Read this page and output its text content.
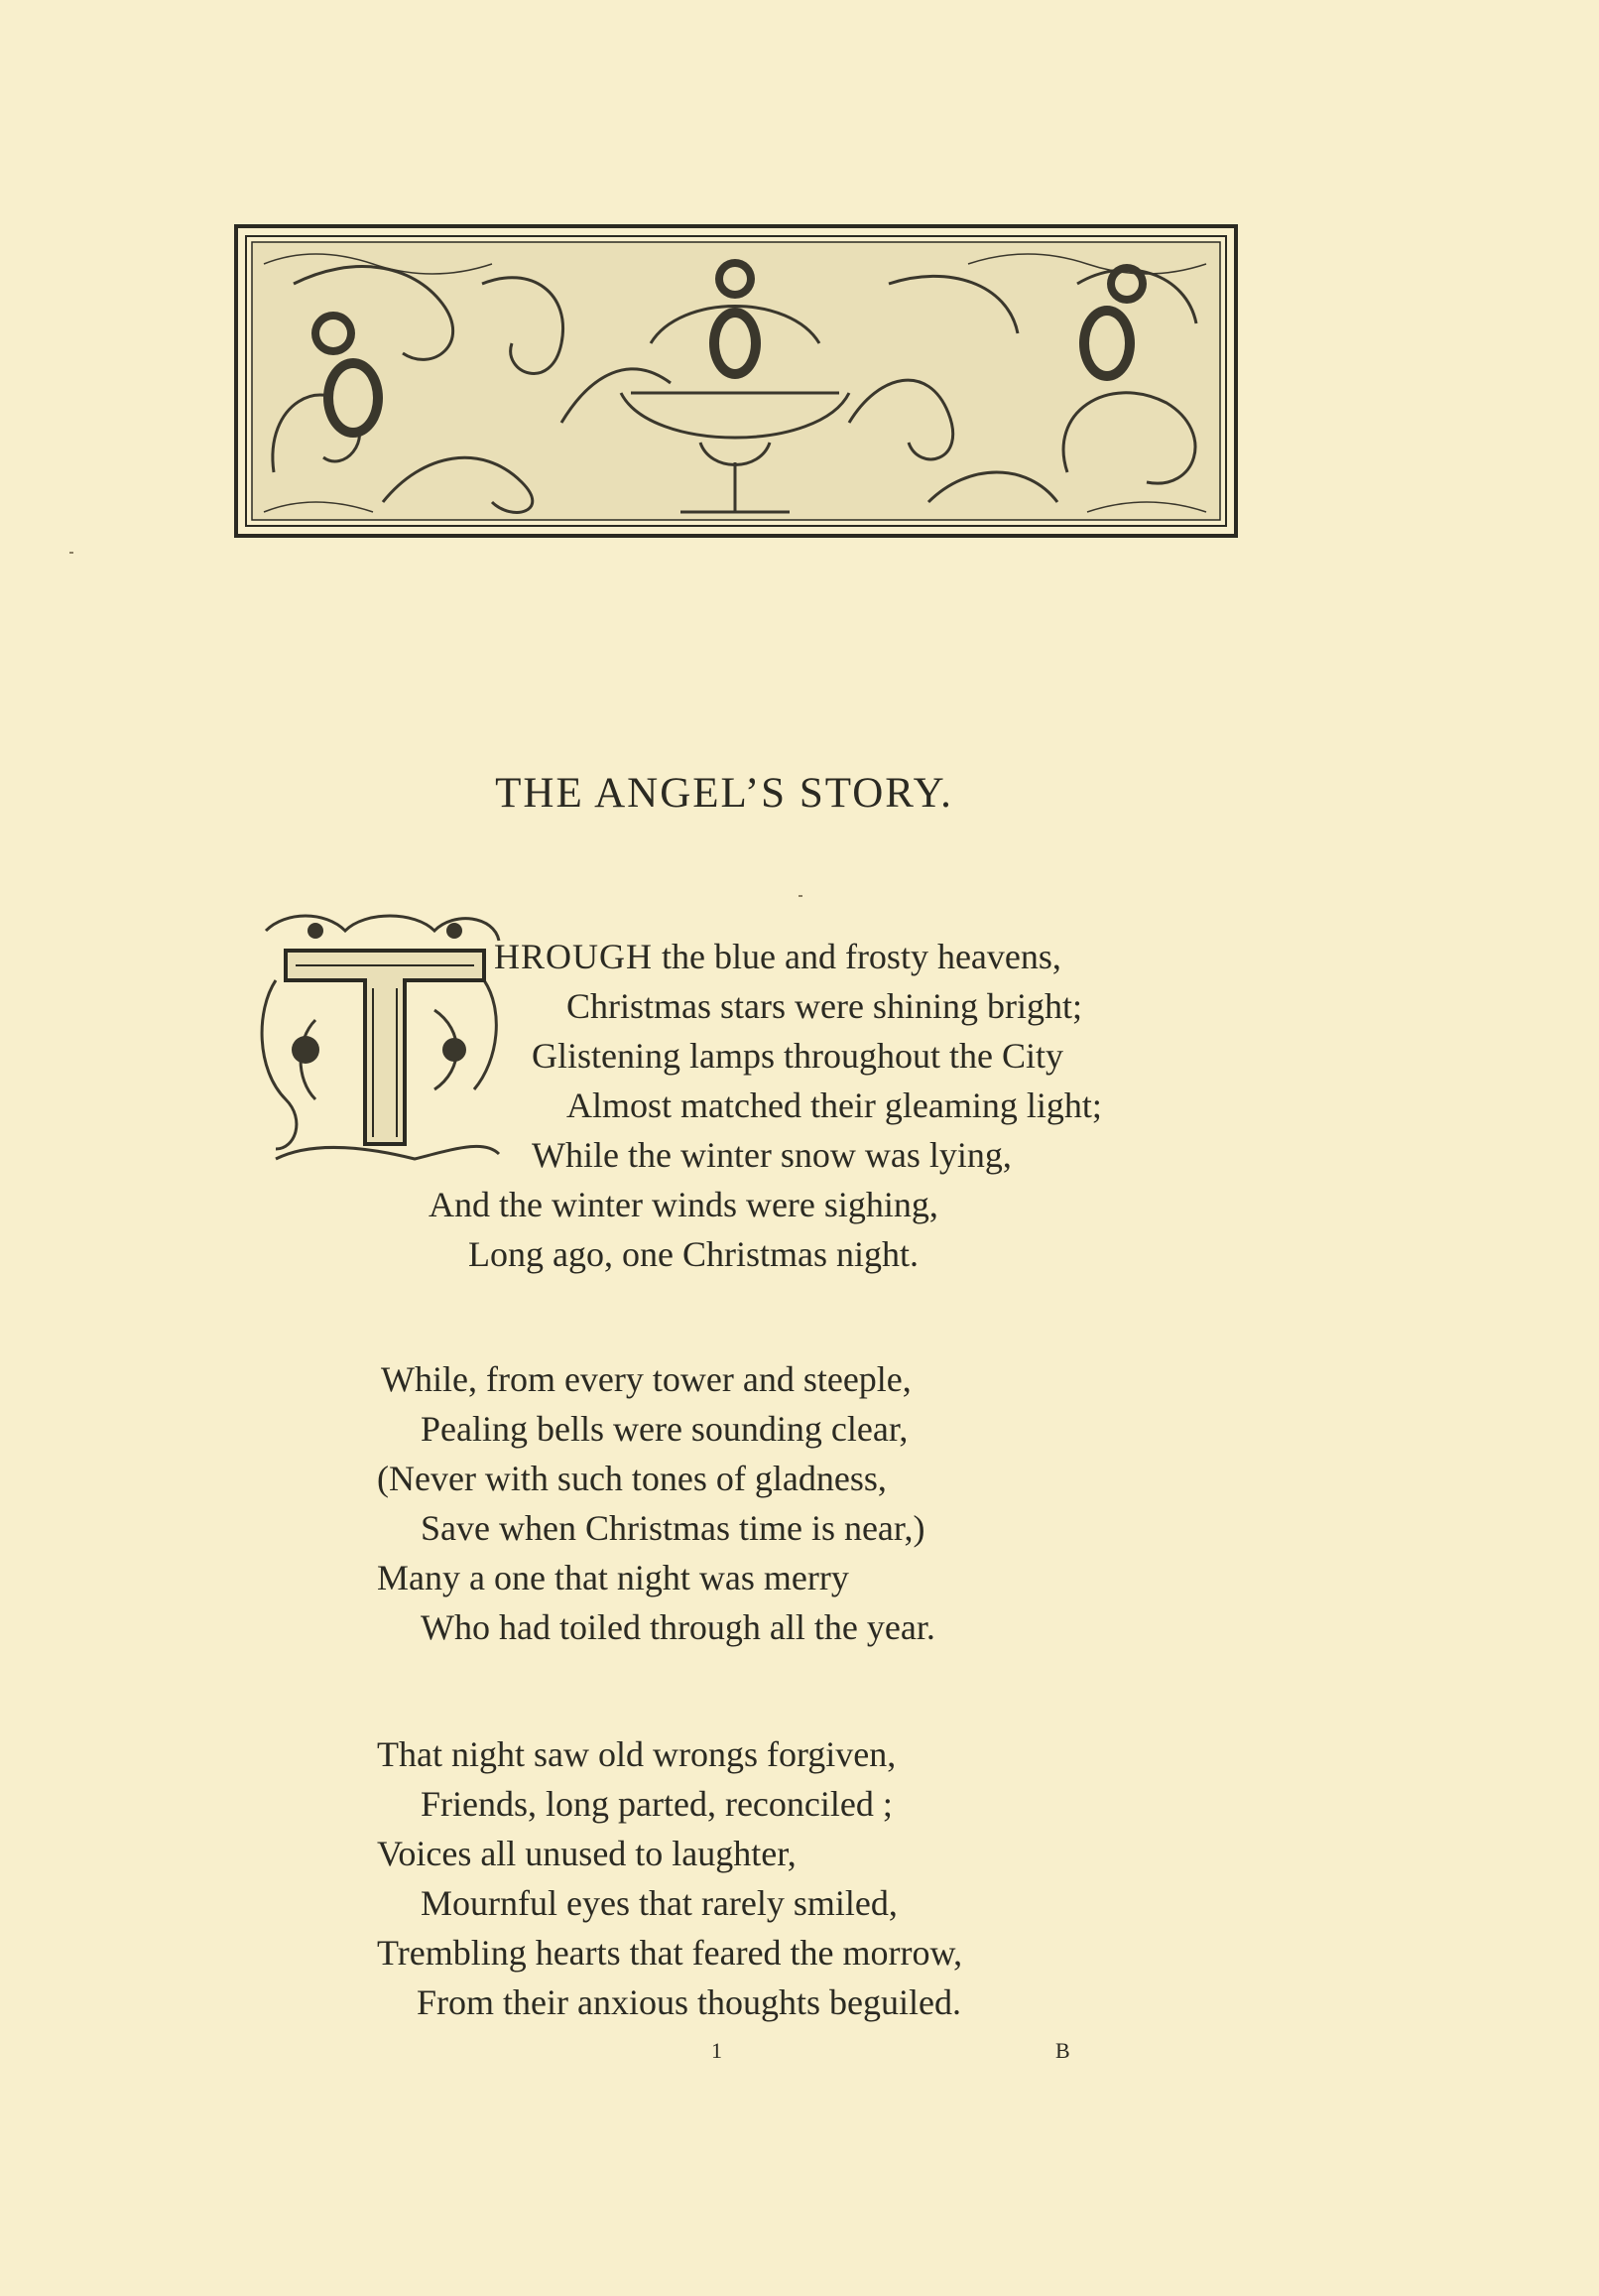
THE ANGEL’S STORY.
HROUGH the blue and frosty heavens,
Christmas stars were shining bright;
Glistening lamps throughout the City
Almost matched their gleaming light;
While the winter snow was lying,
And the winter winds were sighing,
Long ago, one Christmas night.
While, from every tower and steeple,
Pealing bells were sounding clear,
(Never with such tones of gladness,
Save when Christmas time is near,)
Many a one that night was merry
Who had toiled through all the year.
That night saw old wrongs forgiven,
Friends, long parted, reconciled ;
Voices all unused to laughter,
Mournful eyes that rarely smiled,
Trembling hearts that feared the morrow,
From their anxious thoughts beguiled.
1	B
